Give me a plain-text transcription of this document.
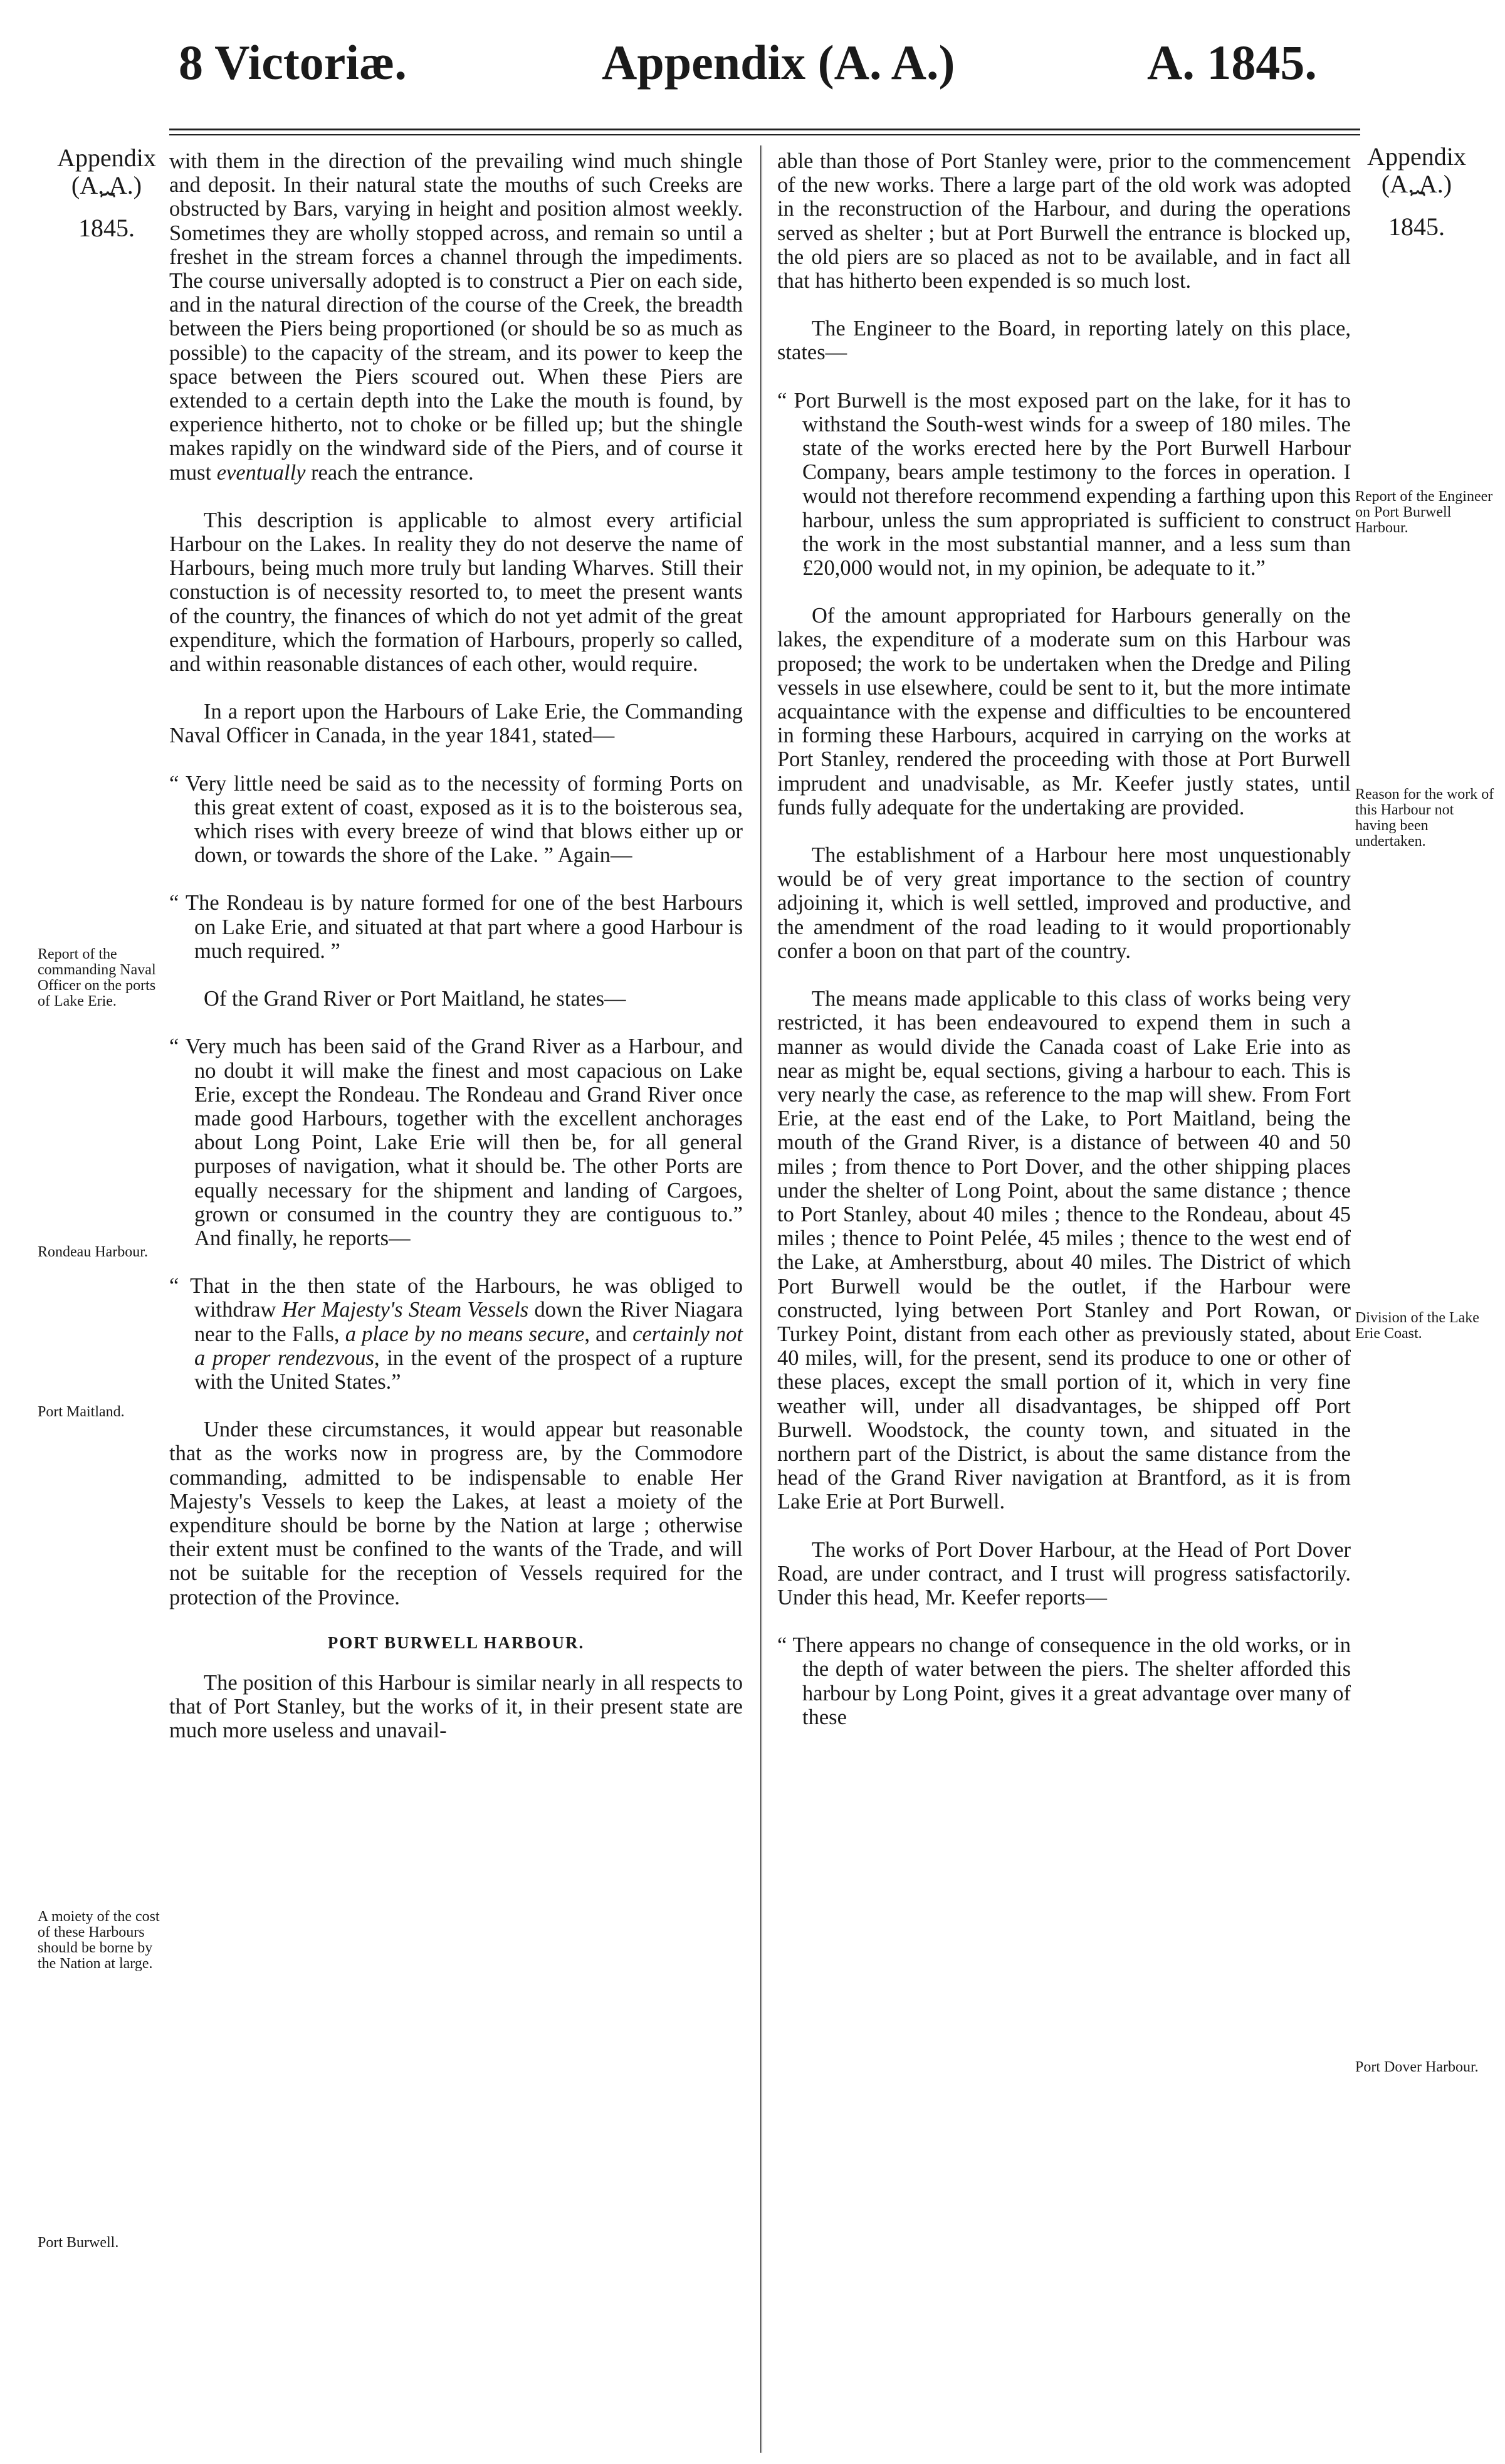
8 Victoriæ.	Appendix (A. A.)	A. 1845.
Appendix
(A. A.)
⏞
1845.
Appendix
(A. A.)
⏞
1845.

with them in the direction of the prevailing wind much shingle and deposit. In their natural state the mouths of such Creeks are obstructed by Bars, varying in height and position almost weekly. Sometimes they are wholly stopped across, and remain so until a freshet in the stream forces a channel through the impediments. The course universally adopted is to construct a Pier on each side, and in the natural direction of the course of the Creek, the breadth between the Piers being proportioned (or should be so as much as possible) to the capacity of the stream, and its power to keep the space between the Piers scoured out. When these Piers are extended to a certain depth into the Lake the mouth is found, by experience hitherto, not to choke or be filled up; but the shingle makes rapidly on the windward side of the Piers, and of course it must eventually reach the entrance.

This description is applicable to almost every artificial Harbour on the Lakes. In reality they do not deserve the name of Harbours, being much more truly but landing Wharves. Still their constuction is of necessity resorted to, to meet the present wants of the country, the finances of which do not yet admit of the great expenditure, which the formation of Harbours, properly so called, and within reasonable distances of each other, would require.

In a report upon the Harbours of Lake Erie, the Commanding Naval Officer in Canada, in the year 1841, stated—

“ Very little need be said as to the necessity of forming Ports on this great extent of coast, exposed as it is to the boisterous sea, which rises with every breeze of wind that blows either up or down, or towards the shore of the Lake. ” Again—

“ The Rondeau is by nature formed for one of the best Harbours on Lake Erie, and situated at that part where a good Harbour is much required. ”

Of the Grand River or Port Maitland, he states—

“ Very much has been said of the Grand River as a Harbour, and no doubt it will make the finest and most capacious on Lake Erie, except the Rondeau. The Rondeau and Grand River once made good Harbours, together with the excellent anchorages about Long Point, Lake Erie will then be, for all general purposes of navigation, what it should be. The other Ports are equally necessary for the shipment and landing of Cargoes, grown or consumed in the country they are contiguous to.” And finally, he reports—

“ That in the then state of the Harbours, he was obliged to withdraw Her Majesty's Steam Vessels down the River Niagara near to the Falls, a place by no means secure, and certainly not a proper rendezvous, in the event of the prospect of a rupture with the United States.”

Under these circumstances, it would appear but reasonable that as the works now in progress are, by the Commodore commanding, admitted to be indispensable to enable Her Majesty's Vessels to keep the Lakes, at least a moiety of the expenditure should be borne by the Nation at large ; otherwise their extent must be confined to the wants of the Trade, and will not be suitable for the reception of Vessels required for the protection of the Province.

PORT BURWELL HARBOUR.

The position of this Harbour is similar nearly in all respects to that of Port Stanley, but the works of it, in their present state are much more useless and unavail-

able than those of Port Stanley were, prior to the commencement of the new works. There a large part of the old work was adopted in the reconstruction of the Harbour, and during the operations served as shelter ; but at Port Burwell the entrance is blocked up, the old piers are so placed as not to be available, and in fact all that has hitherto been expended is so much lost.

The Engineer to the Board, in reporting lately on this place, states—

“ Port Burwell is the most exposed part on the lake, for it has to withstand the South-west winds for a sweep of 180 miles. The state of the works erected here by the Port Burwell Harbour Company, bears ample testimony to the forces in operation. I would not therefore recommend expending a farthing upon this harbour, unless the sum appropriated is sufficient to construct the work in the most substantial manner, and a less sum than £20,000 would not, in my opinion, be adequate to it.”

Of the amount appropriated for Harbours generally on the lakes, the expenditure of a moderate sum on this Harbour was proposed; the work to be undertaken when the Dredge and Piling vessels in use elsewhere, could be sent to it, but the more intimate acquaintance with the expense and difficulties to be encountered in forming these Harbours, acquired in carrying on the works at Port Stanley, rendered the proceeding with those at Port Burwell imprudent and unadvisable, as Mr. Keefer justly states, until funds fully adequate for the undertaking are provided.

The establishment of a Harbour here most unquestionably would be of very great importance to the section of country adjoining it, which is well settled, improved and productive, and the amendment of the road leading to it would proportionably confer a boon on that part of the country.

The means made applicable to this class of works being very restricted, it has been endeavoured to expend them in such a manner as would divide the Canada coast of Lake Erie into as near as might be, equal sections, giving a harbour to each. This is very nearly the case, as reference to the map will shew. From Fort Erie, at the east end of the Lake, to Port Maitland, being the mouth of the Grand River, is a distance of between 40 and 50 miles ; from thence to Port Dover, and the other shipping places under the shelter of Long Point, about the same distance ; thence to Port Stanley, about 40 miles ; thence to the Rondeau, about 45 miles ; thence to Point Pelée, 45 miles ; thence to the west end of the Lake, at Amherstburg, about 40 miles. The District of which Port Burwell would be the outlet, if the Harbour were constructed, lying between Port Stanley and Port Rowan, or Turkey Point, distant from each other as previously stated, about 40 miles, will, for the present, send its produce to one or other of these places, except the small portion of it, which in very fine weather will, under all disadvantages, be shipped off Port Burwell. Woodstock, the county town, and situated in the northern part of the District, is about the same distance from the head of the Grand River navigation at Brantford, as it is from Lake Erie at Port Burwell.

The works of Port Dover Harbour, at the Head of Port Dover Road, are under contract, and I trust will progress satisfactorily. Under this head, Mr. Keefer reports—

“ There appears no change of consequence in the old works, or in the depth of water between the piers. The shelter afforded this harbour by Long Point, gives it a great advantage over many of these

Report of the commanding Naval Officer on the ports of Lake Erie.
Rondeau Harbour.
Port Maitland.
A moiety of the cost of these Harbours should be borne by the Nation at large.
Port Burwell.
Report of the Engineer on Port Burwell Harbour.
Reason for the work of this Harbour not having been undertaken.
Division of the Lake Erie Coast.
Port Dover Harbour.
